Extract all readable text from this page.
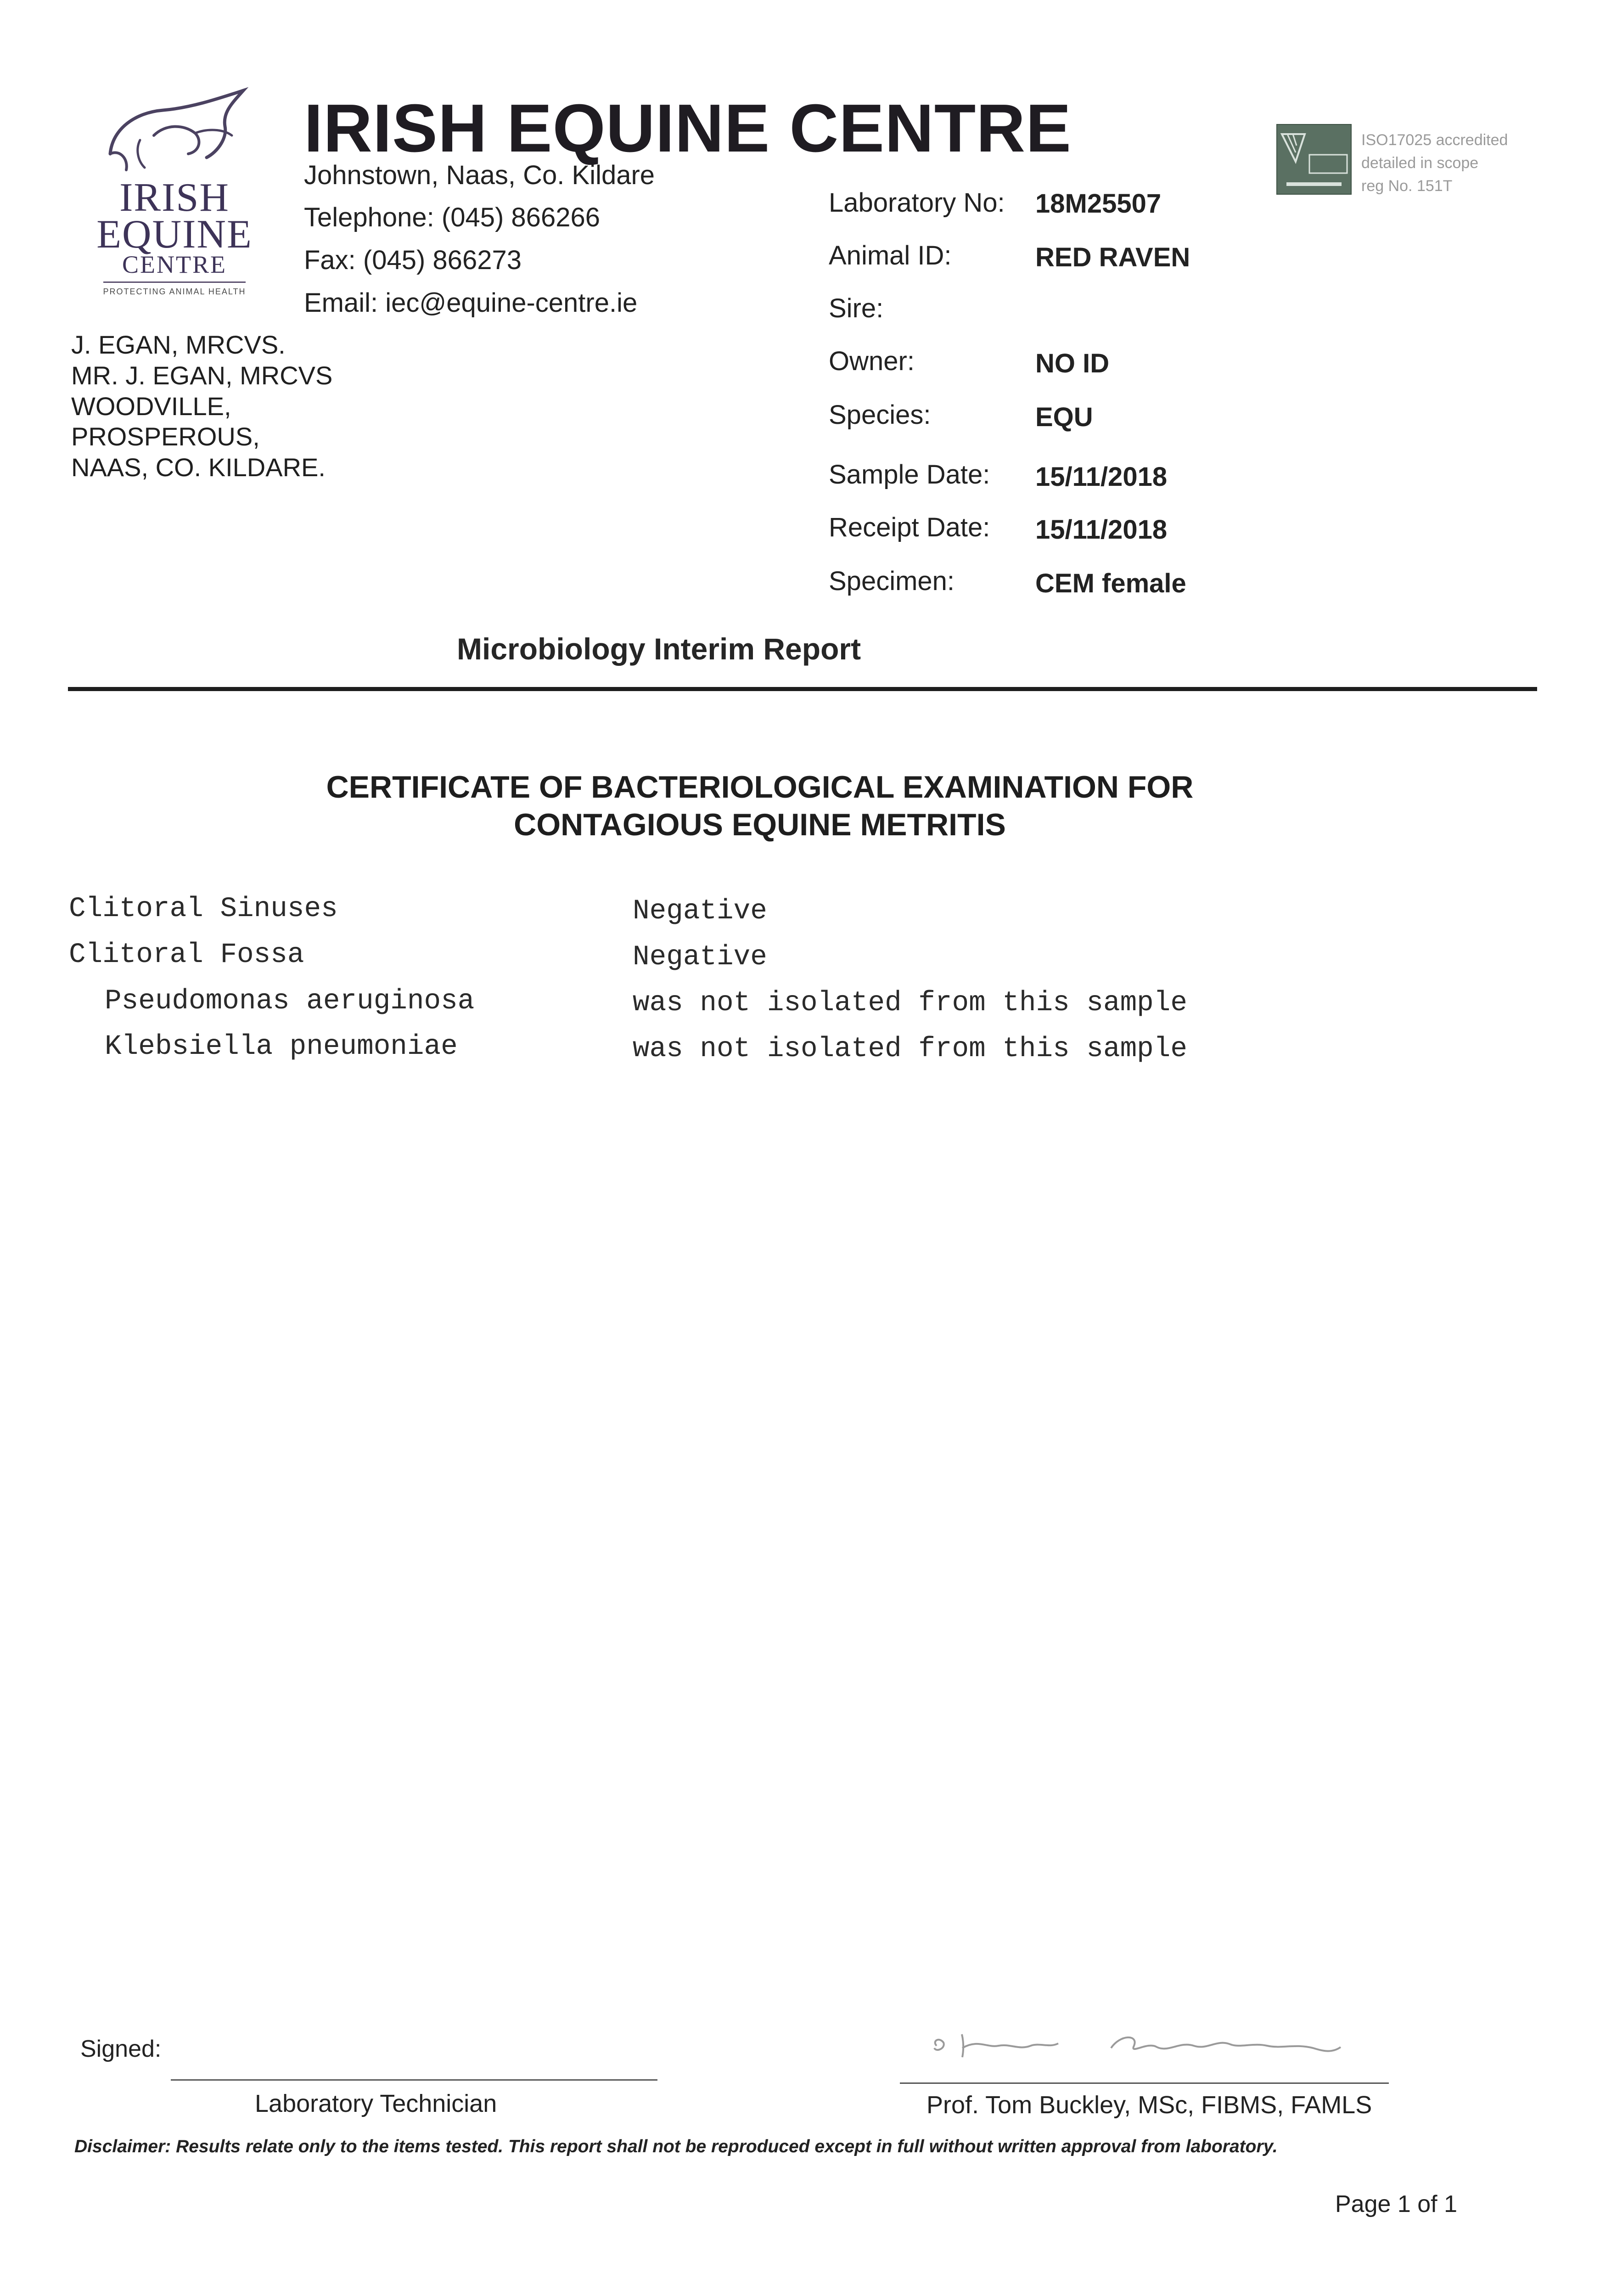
IRISH
EQUINE
CENTRE
PROTECTING ANIMAL HEALTH
IRISH EQUINE CENTRE
Johnstown, Naas, Co. Kildare
Telephone: (045) 866266
Fax: (045) 866273
Email: iec@equine-centre.ie
ISO17025 accredited
detailed in scope
reg No. 151T
J. EGAN, MRCVS.
MR. J. EGAN, MRCVS
WOODVILLE,
PROSPEROUS,
NAAS, CO. KILDARE.
Laboratory No: 18M25507
Animal ID:	RED RAVEN
Sire:
Owner:	NO ID
Species:	EQU
Sample Date: 15/11/2018
Receipt Date: 15/11/2018
Specimen:	CEM female
Microbiology Interim Report
CERTIFICATE OF BACTERIOLOGICAL EXAMINATION FOR
CONTAGIOUS EQUINE METRITIS
Clitoral Sinuses	Negative
Clitoral Fossa	Negative
Pseudomonas aeruginosa	was not isolated from this sample
Klebsiella pneumoniae	was not isolated from this sample
Signed:
Laboratory Technician	Prof. Tom Buckley, MSc, FIBMS, FAMLS
Disclaimer: Results relate only to the items tested. This report shall not be reproduced except in full without written approval from laboratory.
Page 1 of 1
